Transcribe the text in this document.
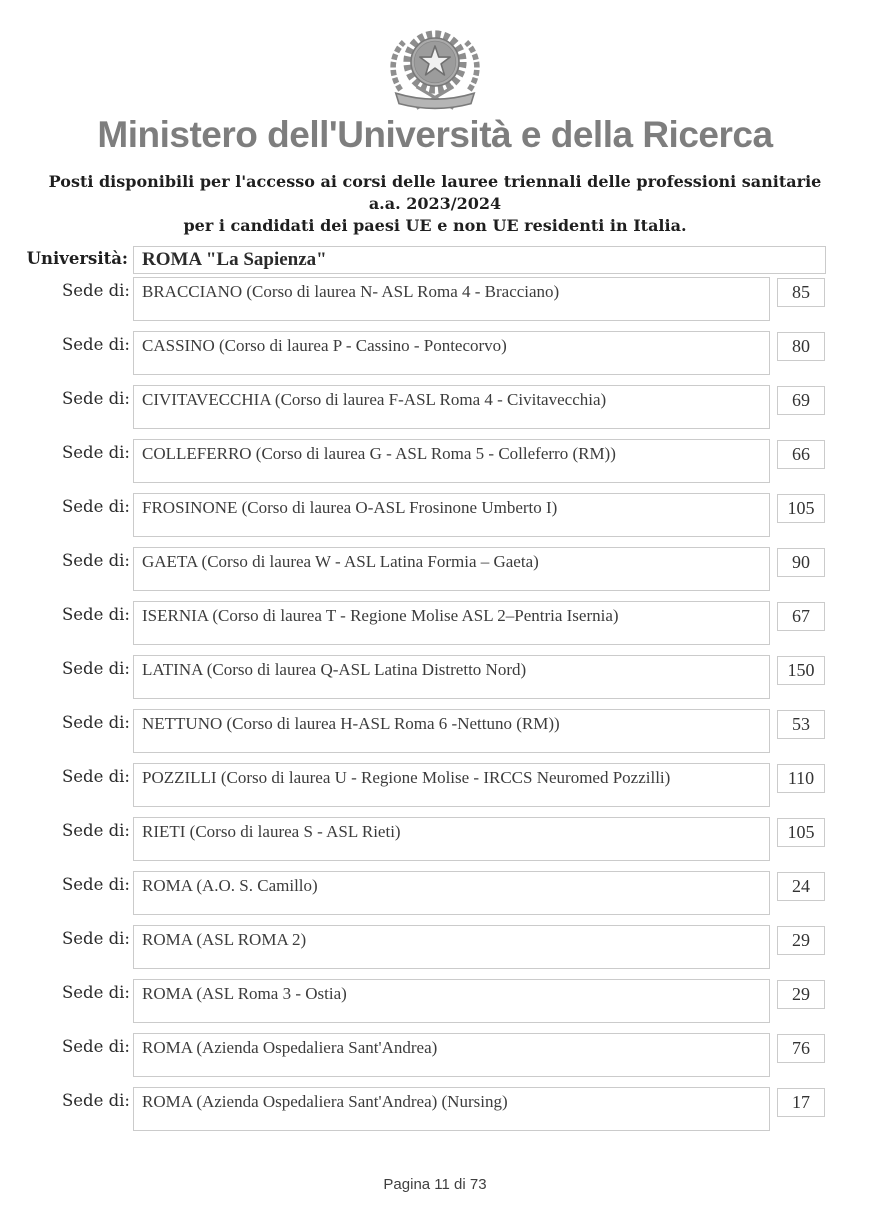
Ministero dell'Università e della Ricerca
Posti disponibili per l'accesso ai corsi delle lauree triennali delle professioni sanitarie
a.a. 2023/2024
per i candidati dei paesi UE e non UE residenti in Italia.
Università: ROMA "La Sapienza"
Sede di: BRACCIANO (Corso di laurea N- ASL Roma 4 - Bracciano)	85
Sede di: CASSINO (Corso di laurea P - Cassino - Pontecorvo)	80
Sede di: CIVITAVECCHIA (Corso di laurea F-ASL Roma 4 - Civitavecchia)	69
Sede di: COLLEFERRO (Corso di laurea G - ASL Roma 5 - Colleferro (RM))	66
Sede di: FROSINONE (Corso di laurea O-ASL Frosinone Umberto I)	105
Sede di: GAETA (Corso di laurea W - ASL Latina Formia – Gaeta)	90
Sede di: ISERNIA (Corso di laurea T - Regione Molise ASL 2–Pentria Isernia)	67
Sede di: LATINA (Corso di laurea Q-ASL Latina Distretto Nord)	150
Sede di: NETTUNO (Corso di laurea H-ASL Roma 6 -Nettuno (RM))	53
Sede di: POZZILLI (Corso di laurea U - Regione Molise - IRCCS Neuromed Pozzilli)	110
Sede di: RIETI (Corso di laurea S - ASL Rieti)	105
Sede di: ROMA (A.O. S. Camillo)	24
Sede di: ROMA (ASL ROMA 2)	29
Sede di: ROMA (ASL Roma 3 - Ostia)	29
Sede di: ROMA (Azienda Ospedaliera Sant'Andrea)	76
Sede di: ROMA (Azienda Ospedaliera Sant'Andrea) (Nursing)	17
Pagina 11 di 73
